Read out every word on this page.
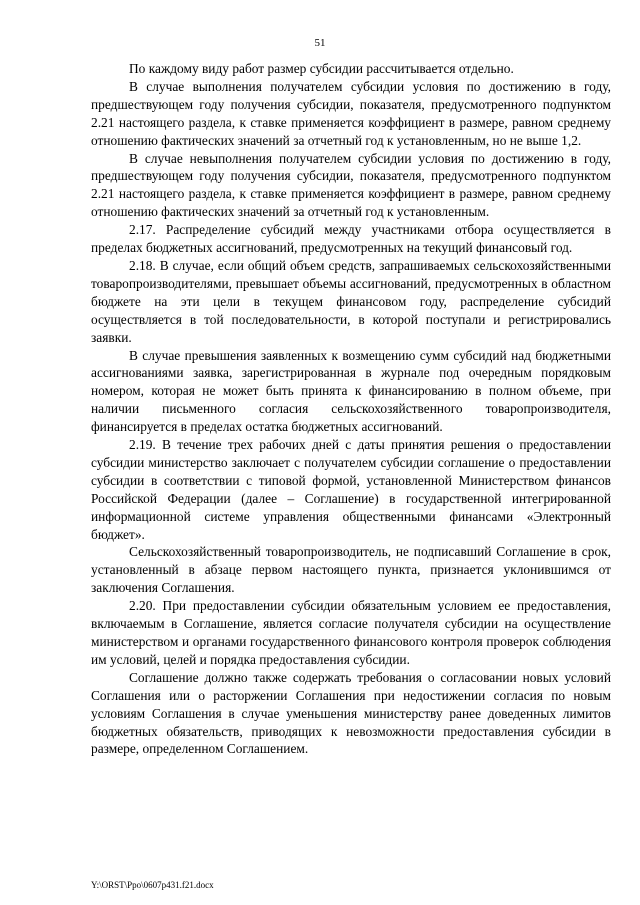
51

По каждому виду работ размер субсидии рассчитывается отдельно.

В случае выполнения получателем субсидии условия по достижению в году, предшествующем году получения субсидии, показателя, предусмотренного подпунктом 2.21 настоящего раздела, к ставке применяется коэффициент в размере, равном среднему отношению фактических значений за отчетный год к установленным, но не выше 1,2.

В случае невыполнения получателем субсидии условия по достижению в году, предшествующем году получения субсидии, показателя, предусмотренного подпунктом 2.21 настоящего раздела, к ставке применяется коэффициент в размере, равном среднему отношению фактических значений за отчетный год к установленным.

2.17. Распределение субсидий между участниками отбора осуществляется в пределах бюджетных ассигнований, предусмотренных на текущий финансовый год.

2.18. В случае, если общий объем средств, запрашиваемых сельскохозяйственными товаропроизводителями, превышает объемы ассигнований, предусмотренных в областном бюджете на эти цели в текущем финансовом году, распределение субсидий осуществляется в той последовательности, в которой поступали и регистрировались заявки.

В случае превышения заявленных к возмещению сумм субсидий над бюджетными ассигнованиями заявка, зарегистрированная в журнале под очередным порядковым номером, которая не может быть принята к финансированию в полном объеме, при наличии письменного согласия сельскохозяйственного товаропроизводителя, финансируется в пределах остатка бюджетных ассигнований.

2.19. В течение трех рабочих дней с даты принятия решения о предоставлении субсидии министерство заключает с получателем субсидии соглашение о предоставлении субсидии в соответствии с типовой формой, установленной Министерством финансов Российской Федерации (далее – Соглашение) в государственной интегрированной информационной системе управления общественными финансами «Электронный бюджет».

Сельскохозяйственный товаропроизводитель, не подписавший Соглашение в срок, установленный в абзаце первом настоящего пункта, признается уклонившимся от заключения Соглашения.

2.20. При предоставлении субсидии обязательным условием ее предоставления, включаемым в Соглашение, является согласие получателя субсидии на осуществление министерством и органами государственного финансового контроля проверок соблюдения им условий, целей и порядка предоставления субсидии.

Соглашение должно также содержать требования о согласовании новых условий Соглашения или о расторжении Соглашения при недостижении согласия по новым условиям Соглашения в случае уменьшения министерству ранее доведенных лимитов бюджетных обязательств, приводящих к невозможности предоставления субсидии в размере, определенном Соглашением.

Y:\ORST\Ppo\0607p431.f21.docx
